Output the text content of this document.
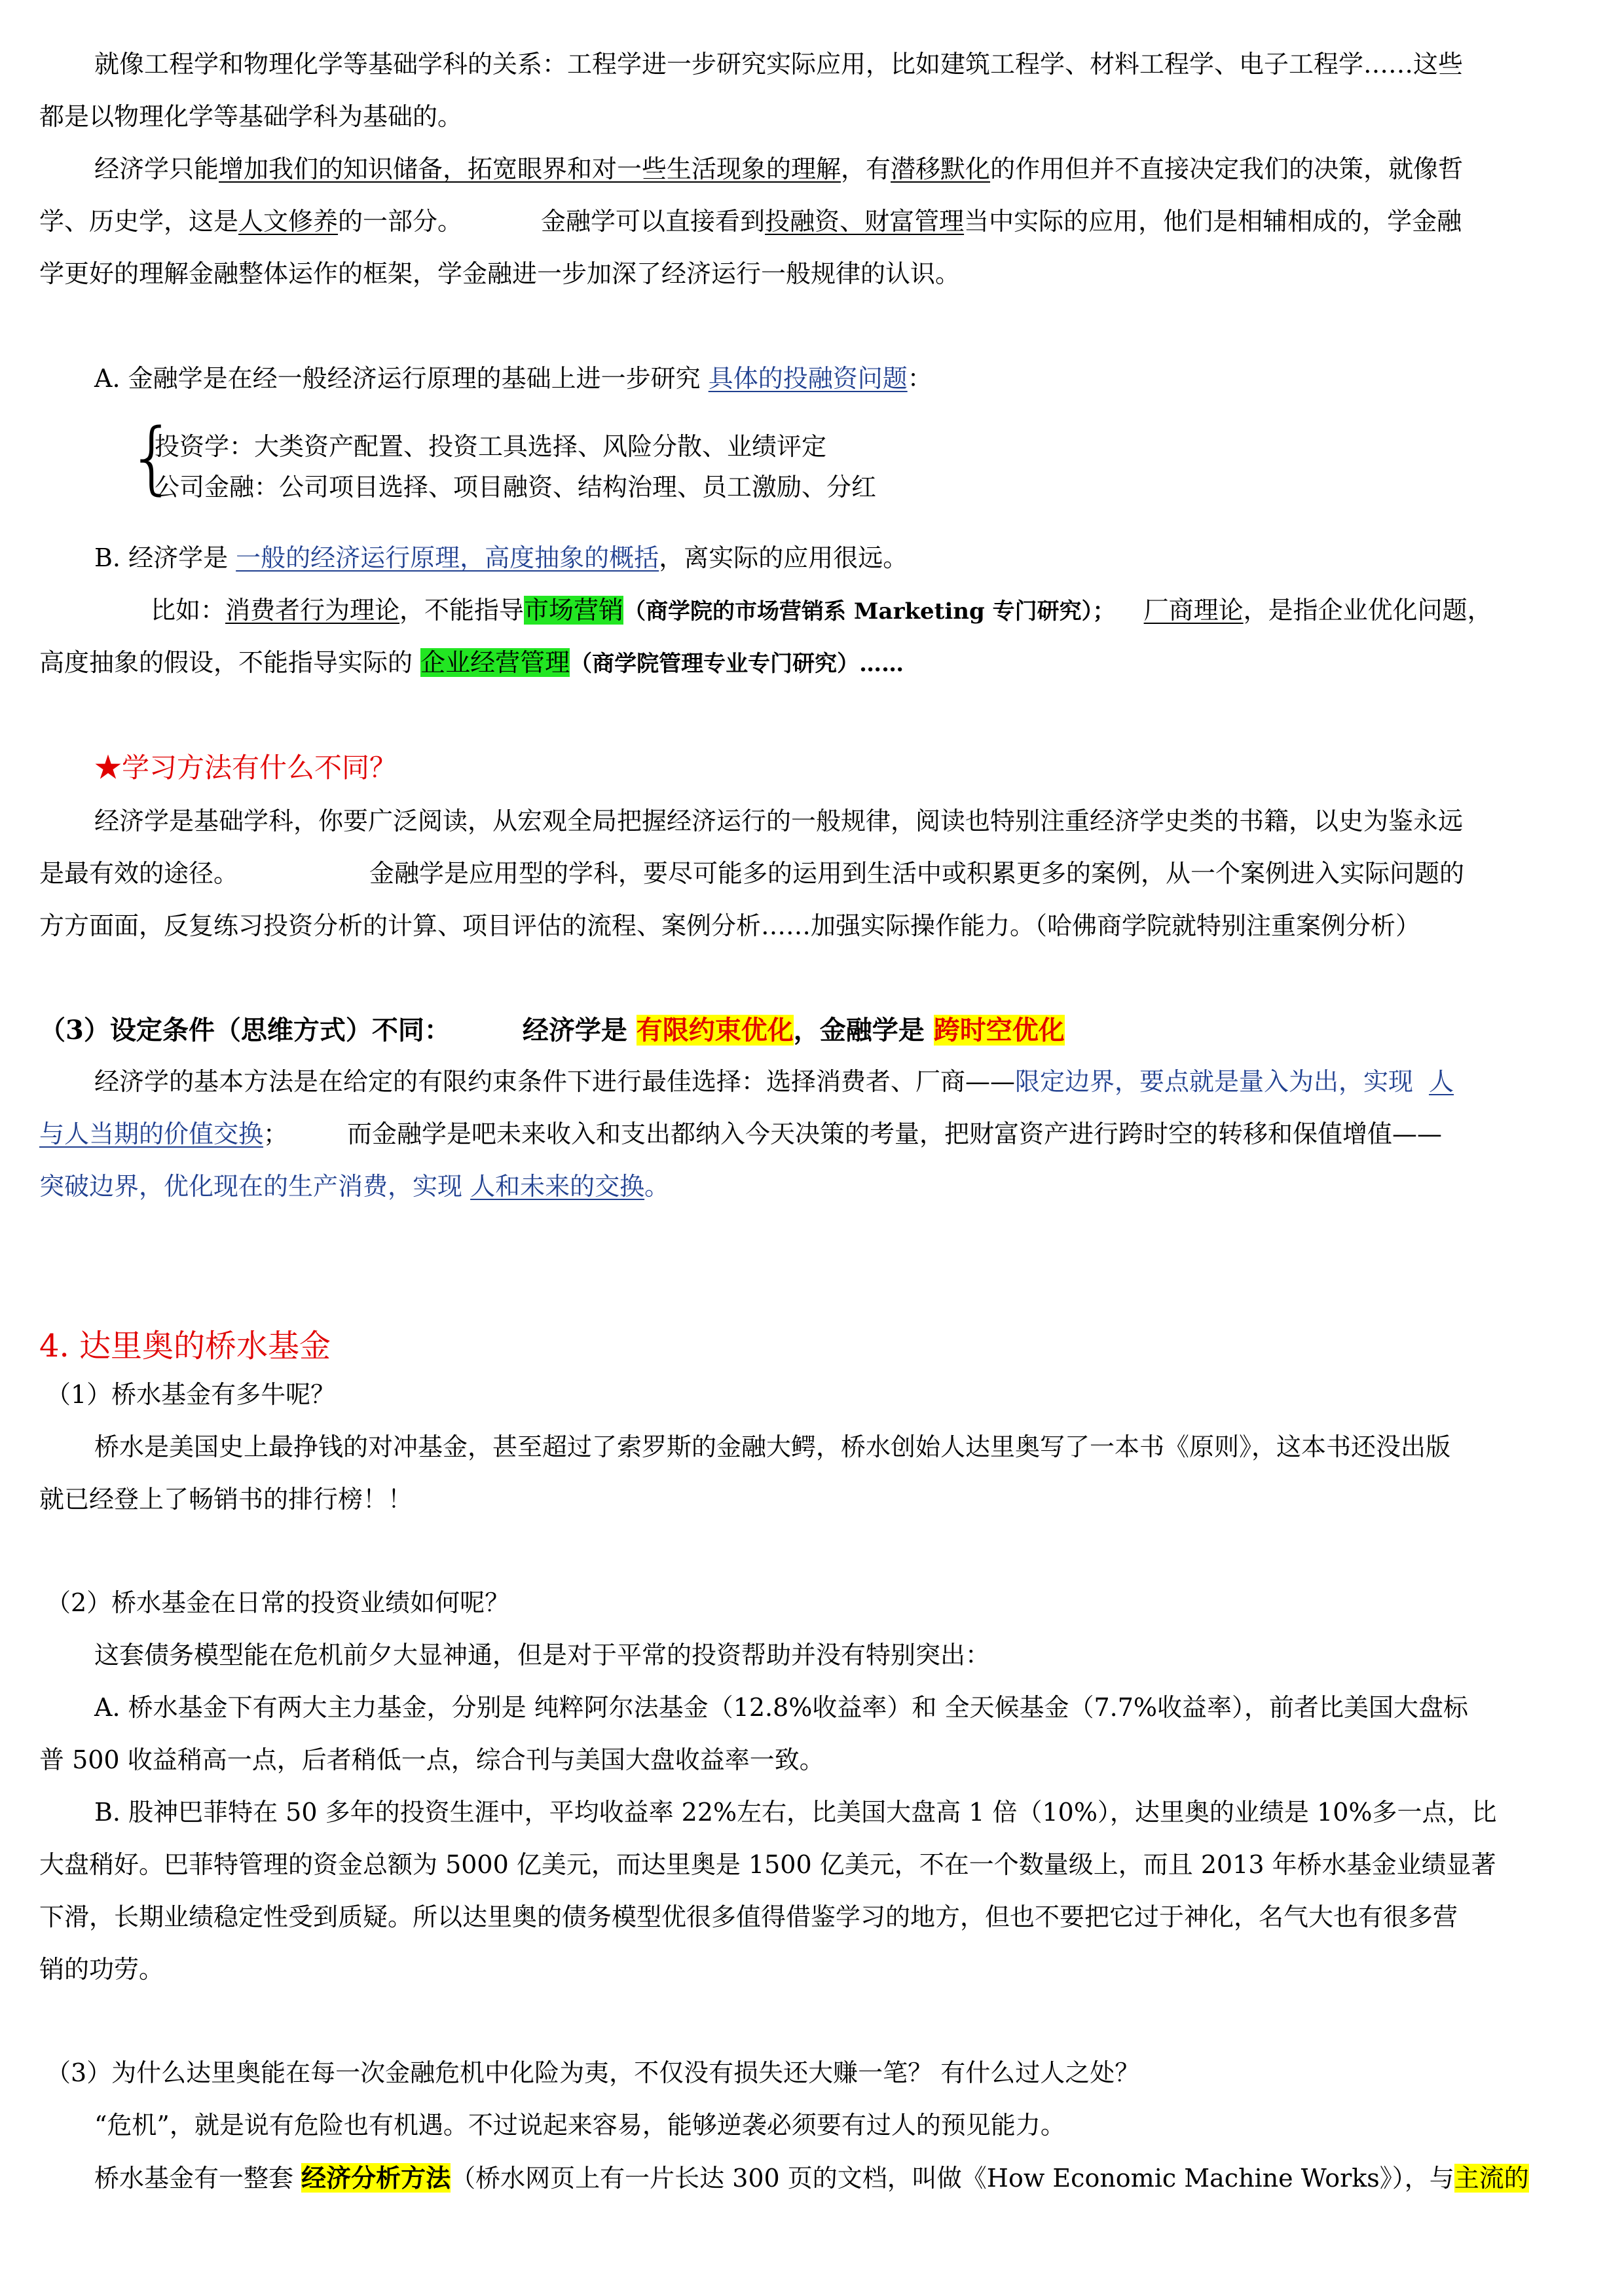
就像工程学和物理化学等基础学科的关系：工程学进一步研究实际应用，比如建筑工程学、材料工程学、电子工程学……这些
都是以物理化学等基础学科为基础的。
经济学只能增加我们的知识储备，拓宽眼界和对一些生活现象的理解，有潜移默化的作用但并不直接决定我们的决策，就像哲
学、历史学，这是人文修养的一部分。	金融学可以直接看到投融资、财富管理当中实际的应用，他们是相辅相成的，学金融
学更好的理解金融整体运作的框架，学金融进一步加深了经济运行一般规律的认识。
A. 金融学是在经一般经济运行原理的基础上进一步研究 具体的投融资问题：
{
投资学：大类资产配置、投资工具选择、风险分散、业绩评定
公司金融：公司项目选择、项目融资、结构治理、员工激励、分红
B. 经济学是 一般的经济运行原理，高度抽象的概括，离实际的应用很远。
比如：消费者行为理论，不能指导市场营销（商学院的市场营销系 Marketing 专门研究）； 厂商理论，是指企业优化问题，
高度抽象的假设，不能指导实际的 企业经营管理（商学院管理专业专门研究）……
★学习方法有什么不同？
经济学是基础学科，你要广泛阅读，从宏观全局把握经济运行的一般规律，阅读也特别注重经济学史类的书籍，以史为鉴永远
是最有效的途径。	金融学是应用型的学科，要尽可能多的运用到生活中或积累更多的案例，从一个案例进入实际问题的
方方面面，反复练习投资分析的计算、项目评估的流程、案例分析……加强实际操作能力。（哈佛商学院就特别注重案例分析）
（3）设定条件（思维方式）不同：	经济学是 有限约束优化，金融学是 跨时空优化
经济学的基本方法是在给定的有限约束条件下进行最佳选择：选择消费者、厂商——限定边界，要点就是量入为出，实现 人
与人当期的价值交换； 而金融学是吧未来收入和支出都纳入今天决策的考量，把财富资产进行跨时空的转移和保值增值——
突破边界，优化现在的生产消费，实现 人和未来的交换。
4. 达里奥的桥水基金
（1）桥水基金有多牛呢？
桥水是美国史上最挣钱的对冲基金，甚至超过了索罗斯的金融大鳄，桥水创始人达里奥写了一本书《原则》，这本书还没出版
就已经登上了畅销书的排行榜！！
（2）桥水基金在日常的投资业绩如何呢？
这套债务模型能在危机前夕大显神通，但是对于平常的投资帮助并没有特别突出：
A. 桥水基金下有两大主力基金，分别是 纯粹阿尔法基金（12.8%收益率）和 全天候基金（7.7%收益率），前者比美国大盘标
普 500 收益稍高一点，后者稍低一点，综合刊与美国大盘收益率一致。
B. 股神巴菲特在 50 多年的投资生涯中，平均收益率 22%左右，比美国大盘高 1 倍（10%），达里奥的业绩是 10%多一点，比
大盘稍好。巴菲特管理的资金总额为 5000 亿美元，而达里奥是 1500 亿美元，不在一个数量级上，而且 2013 年桥水基金业绩显著
下滑，长期业绩稳定性受到质疑。所以达里奥的债务模型优很多值得借鉴学习的地方，但也不要把它过于神化，名气大也有很多营
销的功劳。
（3）为什么达里奥能在每一次金融危机中化险为夷，不仅没有损失还大赚一笔？ 有什么过人之处？
“危机”，就是说有危险也有机遇。不过说起来容易，能够逆袭必须要有过人的预见能力。
桥水基金有一整套 经济分析方法（桥水网页上有一片长达 300 页的文档，叫做《How Economic Machine Works》），与主流的
